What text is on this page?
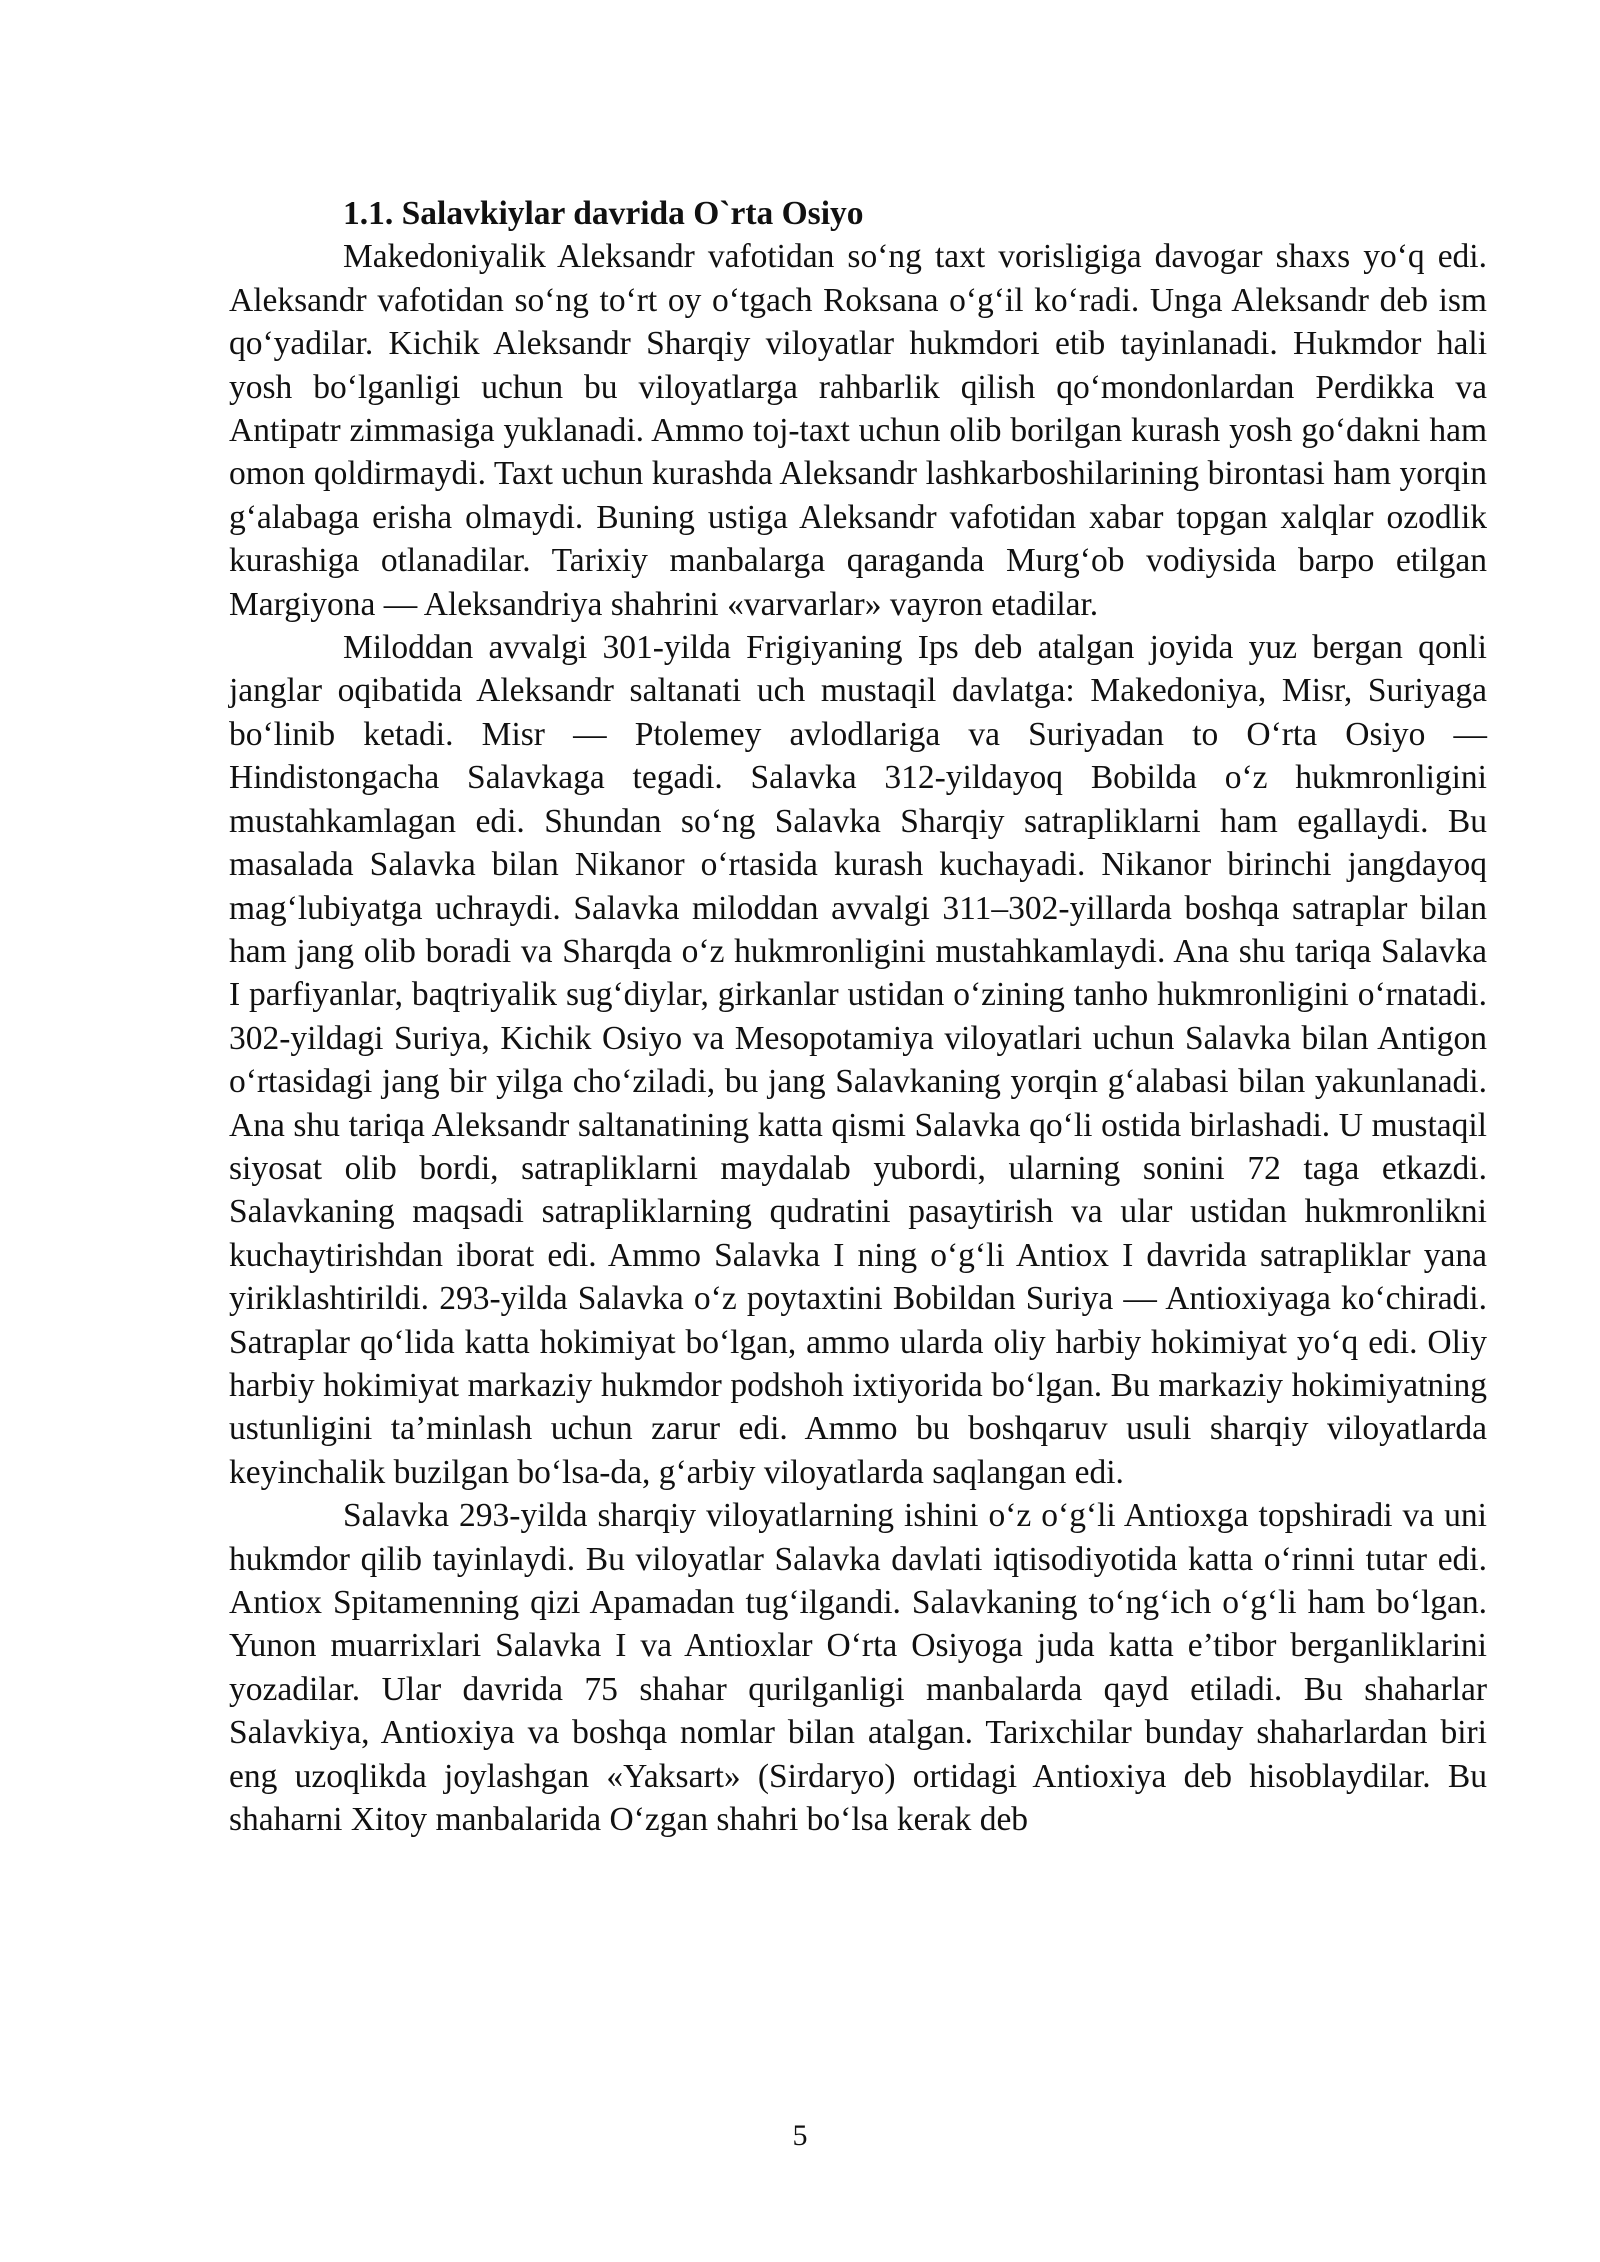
1.1. Salavkiylar davrida O`rta Osiyo

Makedoniyalik Aleksandr vafotidan so‘ng taxt vorisligiga davogar shaxs yo‘q edi. Aleksandr vafotidan so‘ng to‘rt oy o‘tgach Roksana o‘g‘il ko‘radi. Unga Aleksandr deb ism qo‘yadilar. Kichik Aleksandr Sharqiy viloyatlar hukmdori etib tayinlanadi. Hukmdor hali yosh bo‘lganligi uchun bu viloyatlarga rahbarlik qilish qo‘mondonlardan Perdikka va Antipatr zimmasiga yuklanadi. Ammo toj-taxt uchun olib borilgan kurash yosh go‘dakni ham omon qoldirmaydi. Taxt uchun kurashda Aleksandr lashkarboshilarining birontasi ham yorqin g‘alabaga erisha olmaydi. Buning ustiga Aleksandr vafotidan xabar topgan xalqlar ozodlik kurashiga otlanadilar. Tarixiy manbalarga qaraganda Murg‘ob vodiysida barpo etilgan Margiyona — Aleksandriya shahrini «varvarlar» vayron etadilar.

Miloddan avvalgi 301-yilda Frigiyaning Ips deb atalgan joyida yuz bergan qonli janglar oqibatida Aleksandr saltanati uch mustaqil davlatga: Makedoniya, Misr, Suriyaga bo‘linib ketadi. Misr — Ptolemey avlodlariga va Suriyadan to O‘rta Osiyo — Hindistongacha Salavkaga tegadi. Salavka 312-yildayoq Bobilda o‘z hukmronligini mustahkamlagan edi. Shundan so‘ng Salavka Sharqiy satrapliklarni ham egallaydi. Bu masalada Salavka bilan Nikanor o‘rtasida kurash kuchayadi. Nikanor birinchi jangdayoq mag‘lubiyatga uchraydi. Salavka miloddan avvalgi 311–302-yillarda boshqa satraplar bilan ham jang olib boradi va Sharqda o‘z hukmronligini mustahkamlaydi. Ana shu tariqa Salavka I parfiyanlar, baqtriyalik sug‘diylar, girkanlar ustidan o‘zining tanho hukmronligini o‘rnatadi. 302-yildagi Suriya, Kichik Osiyo va Mesopotamiya viloyatlari uchun Salavka bilan Antigon o‘rtasidagi jang bir yilga cho‘ziladi, bu jang Salavkaning yorqin g‘alabasi bilan yakunlanadi. Ana shu tariqa Aleksandr saltanatining katta qismi Salavka qo‘li ostida birlashadi. U mustaqil siyosat olib bordi, satrapliklarni maydalab yubordi, ularning sonini 72 taga etkazdi. Salavkaning maqsadi satrapliklarning qudratini pasaytirish va ular ustidan hukmronlikni kuchaytirishdan iborat edi. Ammo Salavka I ning o‘g‘li Antiox I davrida satrapliklar yana yiriklashtirildi. 293-yilda Salavka o‘z poytaxtini Bobildan Suriya — Antioxiyaga ko‘chiradi. Satraplar qo‘lida katta hokimiyat bo‘lgan, ammo ularda oliy harbiy hokimiyat yo‘q edi. Oliy harbiy hokimiyat markaziy hukmdor podshoh ixtiyorida bo‘lgan. Bu markaziy hokimiyatning ustunligini ta’minlash uchun zarur edi. Ammo bu boshqaruv usuli sharqiy viloyatlarda keyinchalik buzilgan bo‘lsa-da, g‘arbiy viloyatlarda saqlangan edi.

Salavka 293-yilda sharqiy viloyatlarning ishini o‘z o‘g‘li Antioxga topshiradi va uni hukmdor qilib tayinlaydi. Bu viloyatlar Salavka davlati iqtisodiyotida katta o‘rinni tutar edi. Antiox Spitamenning qizi Apamadan tug‘ilgandi. Salavkaning to‘ng‘ich o‘g‘li ham bo‘lgan. Yunon muarrixlari Salavka I va Antioxlar O‘rta Osiyoga juda katta e’tibor berganliklarini yozadilar. Ular davrida 75 shahar qurilganligi manbalarda qayd etiladi. Bu shaharlar Salavkiya, Antioxiya va boshqa nomlar bilan atalgan. Tarixchilar bunday shaharlardan biri eng uzoqlikda joylashgan «Yaksart» (Sirdaryo) ortidagi Antioxiya deb hisoblaydilar. Bu shaharni Xitoy manbalarida O‘zgan shahri bo‘lsa kerak deb

5
